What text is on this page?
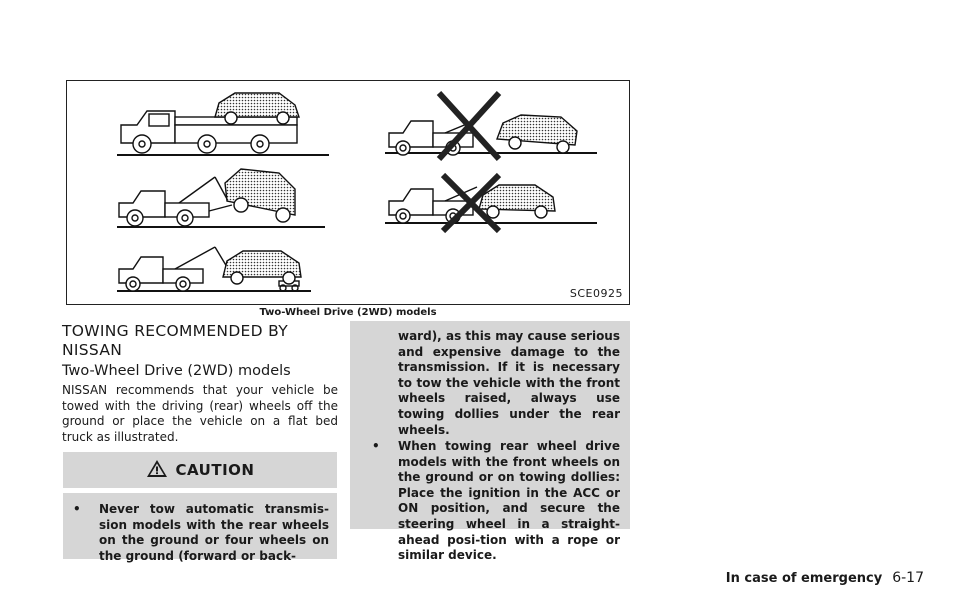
SCE0925
Two-Wheel Drive (2WD) models
TOWING RECOMMENDED BY NISSAN
Two-Wheel Drive (2WD) models
NISSAN recommends that your vehicle be towed with the driving (rear) wheels off the ground or place the vehicle on a flat bed truck as illustrated.
CAUTION
• Never tow automatic transmis-sion models with the rear wheels on the ground or four wheels on the ground (forward or back-
ward), as this may cause serious and expensive damage to the transmission. If it is necessary to tow the vehicle with the front wheels raised, always use towing dollies under the rear wheels.
• When towing rear wheel drive models with the front wheels on the ground or on towing dollies: Place the ignition in the ACC or ON position, and secure the steering wheel in a straight-ahead posi-tion with a rope or similar device.
In case of emergency 6-17
